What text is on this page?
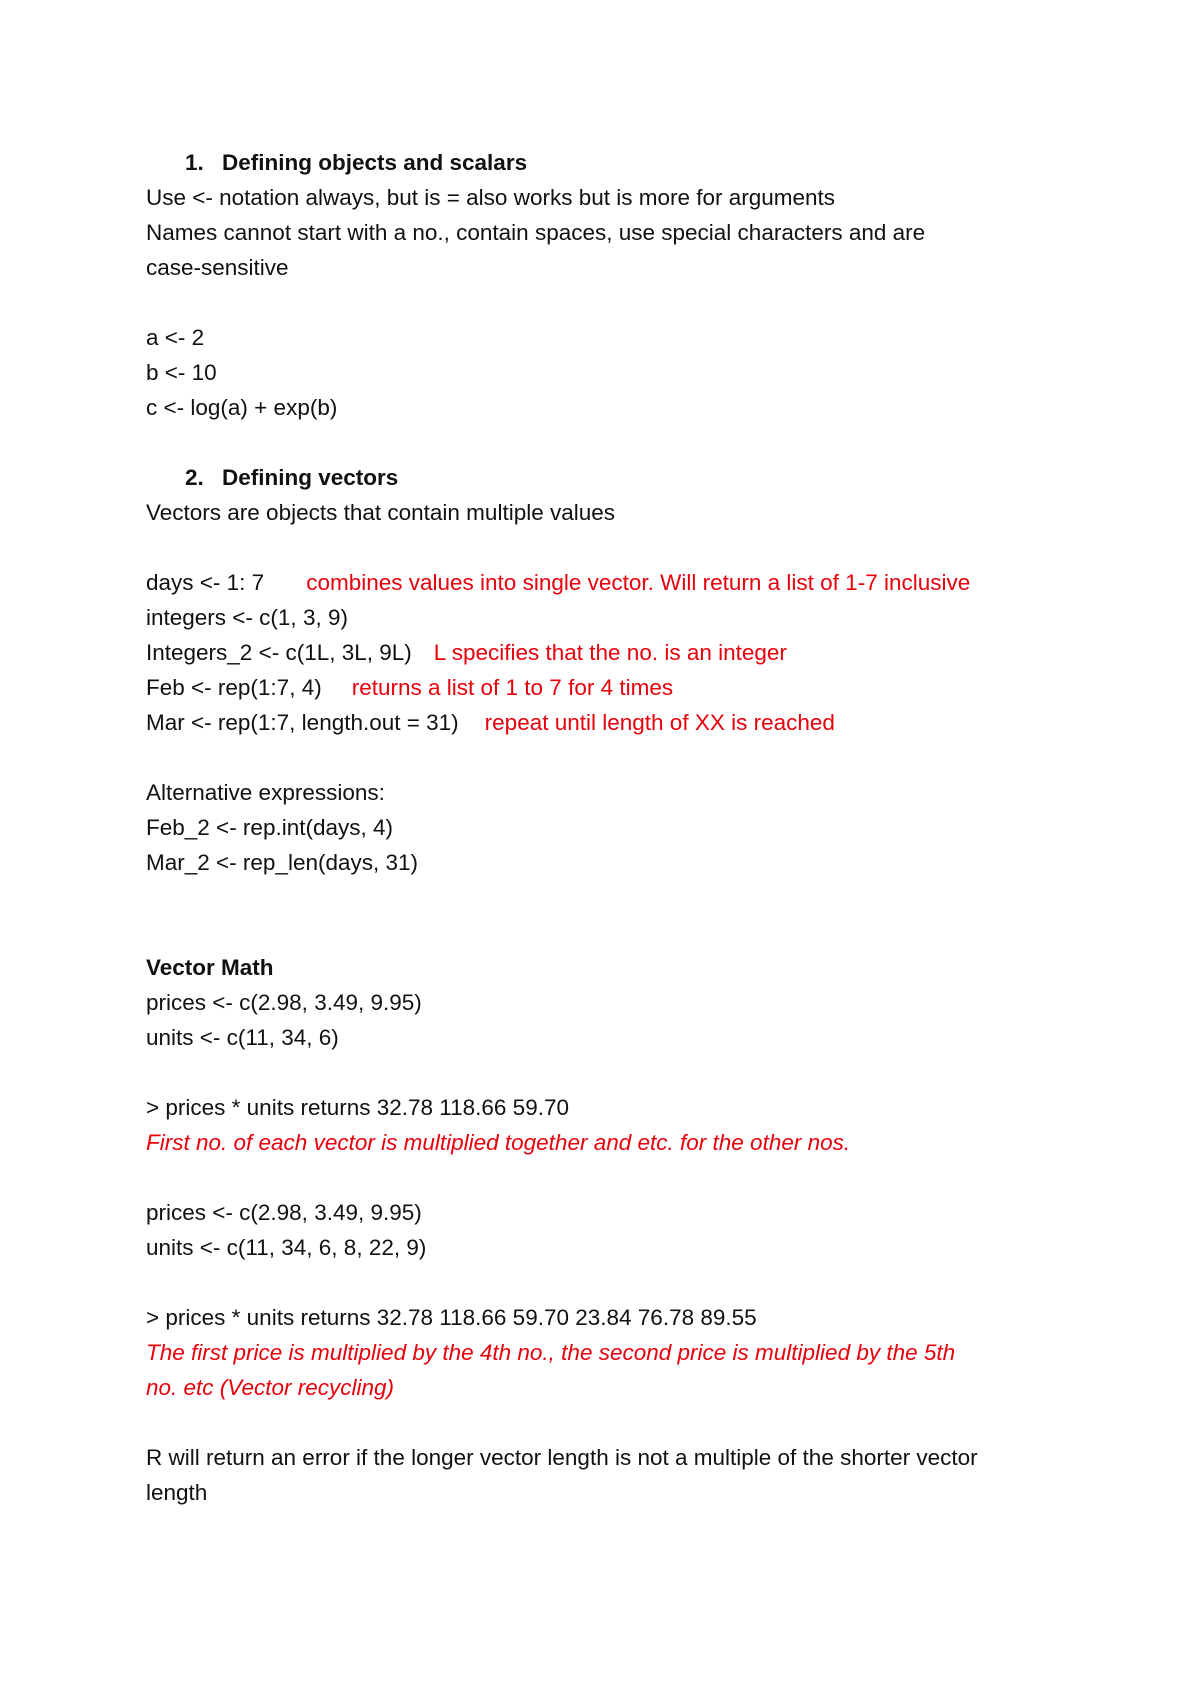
1. Defining objects and scalars
Use <- notation always, but is = also works but is more for arguments
Names cannot start with a no., contain spaces, use special characters and are
case-sensitive
a <- 2
b <- 10
c <- log(a) + exp(b)
2. Defining vectors
Vectors are objects that contain multiple values
days <- 1: 7 combines values into single vector. Will return a list of 1-7 inclusive
integers <- c(1, 3, 9)
Integers_2 <- c(1L, 3L, 9L) L specifies that the no. is an integer
Feb <- rep(1:7, 4) returns a list of 1 to 7 for 4 times
Mar <- rep(1:7, length.out = 31) repeat until length of XX is reached
Alternative expressions:
Feb_2 <- rep.int(days, 4)
Mar_2 <- rep_len(days, 31)
Vector Math
prices <- c(2.98, 3.49, 9.95)
units <- c(11, 34, 6)
> prices * units returns 32.78 118.66 59.70
First no. of each vector is multiplied together and etc. for the other nos.
prices <- c(2.98, 3.49, 9.95)
units <- c(11, 34, 6, 8, 22, 9)
> prices * units returns 32.78 118.66 59.70 23.84 76.78 89.55
The first price is multiplied by the 4th no., the second price is multiplied by the 5th
no. etc (Vector recycling)
R will return an error if the longer vector length is not a multiple of the shorter vector
length
